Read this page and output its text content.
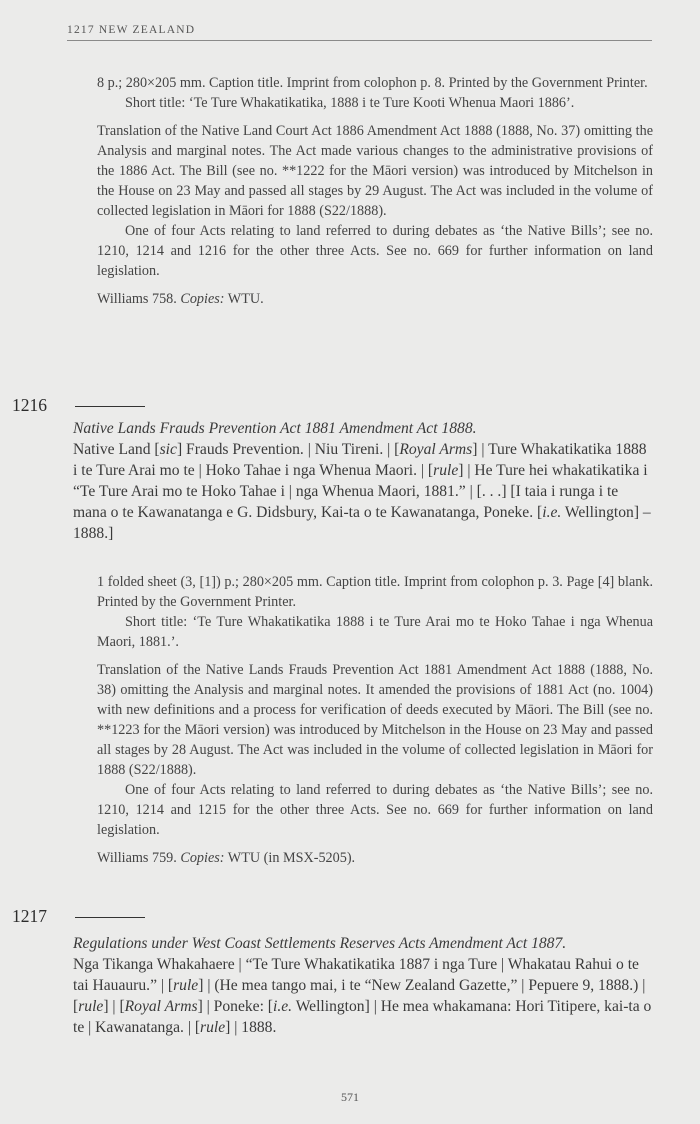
1217 NEW ZEALAND

8 p.; 280×205 mm. Caption title. Imprint from colophon p. 8. Printed by the Government Printer.

Short title: ‘Te Ture Whakatikatika, 1888 i te Ture Kooti Whenua Maori 1886’.

Translation of the Native Land Court Act 1886 Amendment Act 1888 (1888, No. 37) omitting the Analysis and marginal notes. The Act made various changes to the administrative provisions of the 1886 Act. The Bill (see no. **1222 for the Māori version) was introduced by Mitchelson in the House on 23 May and passed all stages by 29 August. The Act was included in the volume of collected legislation in Māori for 1888 (S22/1888).

One of four Acts relating to land referred to during debates as ‘the Native Bills’; see no. 1210, 1214 and 1216 for the other three Acts. See no. 669 for further information on land legislation.

Williams 758. Copies: WTU.

1216

Native Lands Frauds Prevention Act 1881 Amendment Act 1888.

Native Land [sic] Frauds Prevention. | Niu Tireni. | [Royal Arms] | Ture Whakatikatika 1888 i te Ture Arai mo te | Hoko Tahae i nga Whenua Maori. | [rule] | He Ture hei whakatikatika i “Te Ture Arai mo te Hoko Tahae i | nga Whenua Maori, 1881.” | [. . .] [I taia i runga i te mana o te Kawanatanga e G. Didsbury, Kai-ta o te Kawanatanga, Poneke. [i.e. Wellington] –1888.]

1 folded sheet (3, [1]) p.; 280×205 mm. Caption title. Imprint from colophon p. 3. Page [4] blank. Printed by the Government Printer.

Short title: ‘Te Ture Whakatikatika 1888 i te Ture Arai mo te Hoko Tahae i nga Whenua Maori, 1881.’.

Translation of the Native Lands Frauds Prevention Act 1881 Amendment Act 1888 (1888, No. 38) omitting the Analysis and marginal notes. It amended the provisions of 1881 Act (no. 1004) with new definitions and a process for verification of deeds executed by Māori. The Bill (see no. **1223 for the Māori version) was introduced by Mitchelson in the House on 23 May and passed all stages by 28 August. The Act was included in the volume of collected legislation in Māori for 1888 (S22/1888).

One of four Acts relating to land referred to during debates as ‘the Native Bills’; see no. 1210, 1214 and 1215 for the other three Acts. See no. 669 for further information on land legislation.

Williams 759. Copies: WTU (in MSX-5205).

1217

Regulations under West Coast Settlements Reserves Acts Amendment Act 1887.

Nga Tikanga Whakahaere | “Te Ture Whakatikatika 1887 i nga Ture | Whakatau Rahui o te tai Hauauru.” | [rule] | (He mea tango mai, i te “New Zealand Gazette,” | Pepuere 9, 1888.) | [rule] | [Royal Arms] | Poneke: [i.e. Wellington] | He mea whakamana: Hori Titipere, kai-ta o te | Kawanatanga. | [rule] | 1888.

571
